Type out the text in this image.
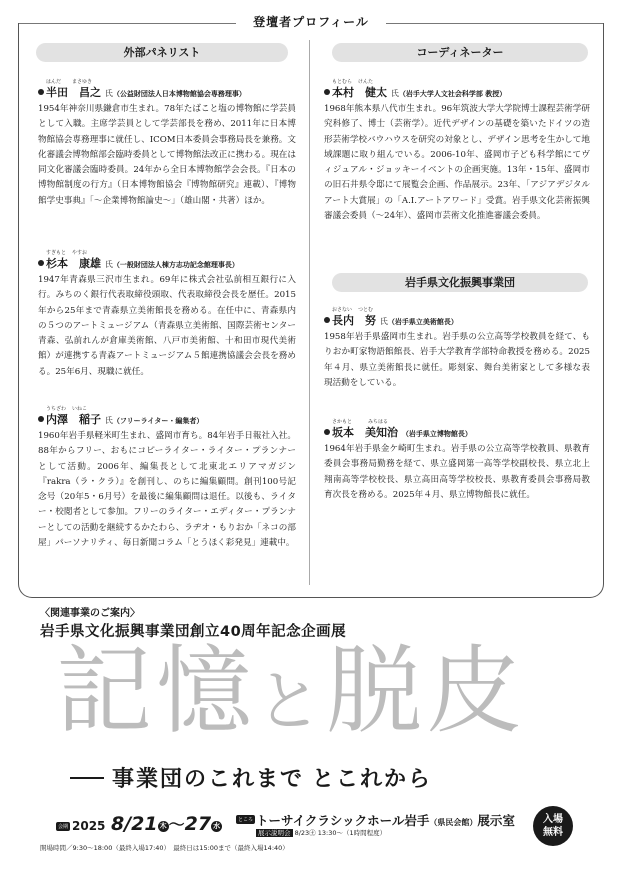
登壇者プロフィール
外部パネリスト	コーディネーター
岩手県文化振興事業団
はんだ まさゆき
半田　昌之 氏（公益財団法人日本博物館協会専務理事）
1954年神奈川県鎌倉市生まれ。78年たばこと塩の博物館に学芸員として入職。主席学芸員として学芸部長を務め、2011年に日本博物館協会専務理事に就任し、ICOM日本委員会事務局長を兼務。文化審議会博物館部会臨時委員として博物館法改正に携わる。現在は同文化審議会臨時委員。24年から全日本博物館学会会長。『日本の博物館制度の行方』（日本博物館協会『博物館研究』連載）、『博物館学史事典』「〜企業博物館論史〜」（雄山閣・共著）ほか。
すぎもと やすお
杉本　康雄 氏（一般財団法人棟方志功記念館理事長）
1947年青森県三沢市生まれ。69年に株式会社弘前相互銀行に入行。みちのく銀行代表取締役頭取、代表取締役会長を歴任。2015年から25年まで青森県立美術館長を務める。在任中に、青森県内の５つのアートミュージアム（青森県立美術館、国際芸術センター青森、弘前れんが倉庫美術館、八戸市美術館、十和田市現代美術館）が連携する青森アートミュージアム５館連携協議会会長を務める。25年6月、現職に就任。
うちざわ いねこ
内澤　稲子 氏（フリーライター・編集者）
1960年岩手県軽米町生まれ、盛岡市育ち。84年岩手日報社入社。88年からフリー、おもにコピーライター・ライター・プランナーとして活動。2006年、編集長として北東北エリアマガジン『rakra（ラ・クラ）』を創刊し、のちに編集顧問。創刊100号記念号（20年5・6月号）を最後に編集顧問は退任。以後も、ライター・校閲者として参加。フリーのライター・エディター・プランナーとしての活動を継続するかたわら、ラヂオ・もりおか「ネコの部屋」パーソナリティ、毎日新聞コラム「とうほく彩発見」連載中。
もとむら けんた
本村　健太 氏（岩手大学人文社会科学部 教授）
1968年熊本県八代市生まれ。96年筑波大学大学院博士課程芸術学研究科修了、博士（芸術学）。近代デザインの基礎を築いたドイツの造形芸術学校バウハウスを研究の対象とし、デザイン思考を生かして地域課題に取り組んでいる。2006-10年、盛岡市子ども科学館にてヴィジュアル・ジョッキーイベントの企画実施。13年・15年、盛岡市の旧石井県令邸にて展覧会企画、作品展示。23年、「アジアデジタルアート大賞展」の「A.I.アートアワード」受賞。岩手県文化芸術振興審議会委員（〜24年）、盛岡市芸術文化推進審議会委員。
おさない つとむ
長内　努 氏（岩手県立美術館長）
1958年岩手県盛岡市生まれ。岩手県の公立高等学校教員を経て、もりおか町家物語館館長、岩手大学教育学部特命教授を務める。2025年４月、県立美術館長に就任。彫刻家、舞台美術家として多様な表現活動をしている。
さかもと	みちはる
坂本　美知治 （岩手県立博物館長）
1964年岩手県金ケ崎町生まれ。岩手県の公立高等学校教員、県教育委員会事務局勤務を経て、県立盛岡第一高等学校副校長、県立北上翔南高等学校校長、県立高田高等学校校長、県教育委員会事務局教育次長を務める。2025年４月、県立博物館長に就任。
〈関連事業のご案内〉
岩手県文化振興事業団創立40周年記念企画展
記憶と脱皮
事業団のこれまで とこれから
会期 2025 8/21 木 〜27 水
ところ トーサイクラシックホール岩手（県民会館）展示室
展示説明会 8/23㊏ 13:30〜（1時間程度）
開場時間／9:30〜18:00（最終入場17:40）　最終日は15:00まで（最終入場14:40）
入場
無料
